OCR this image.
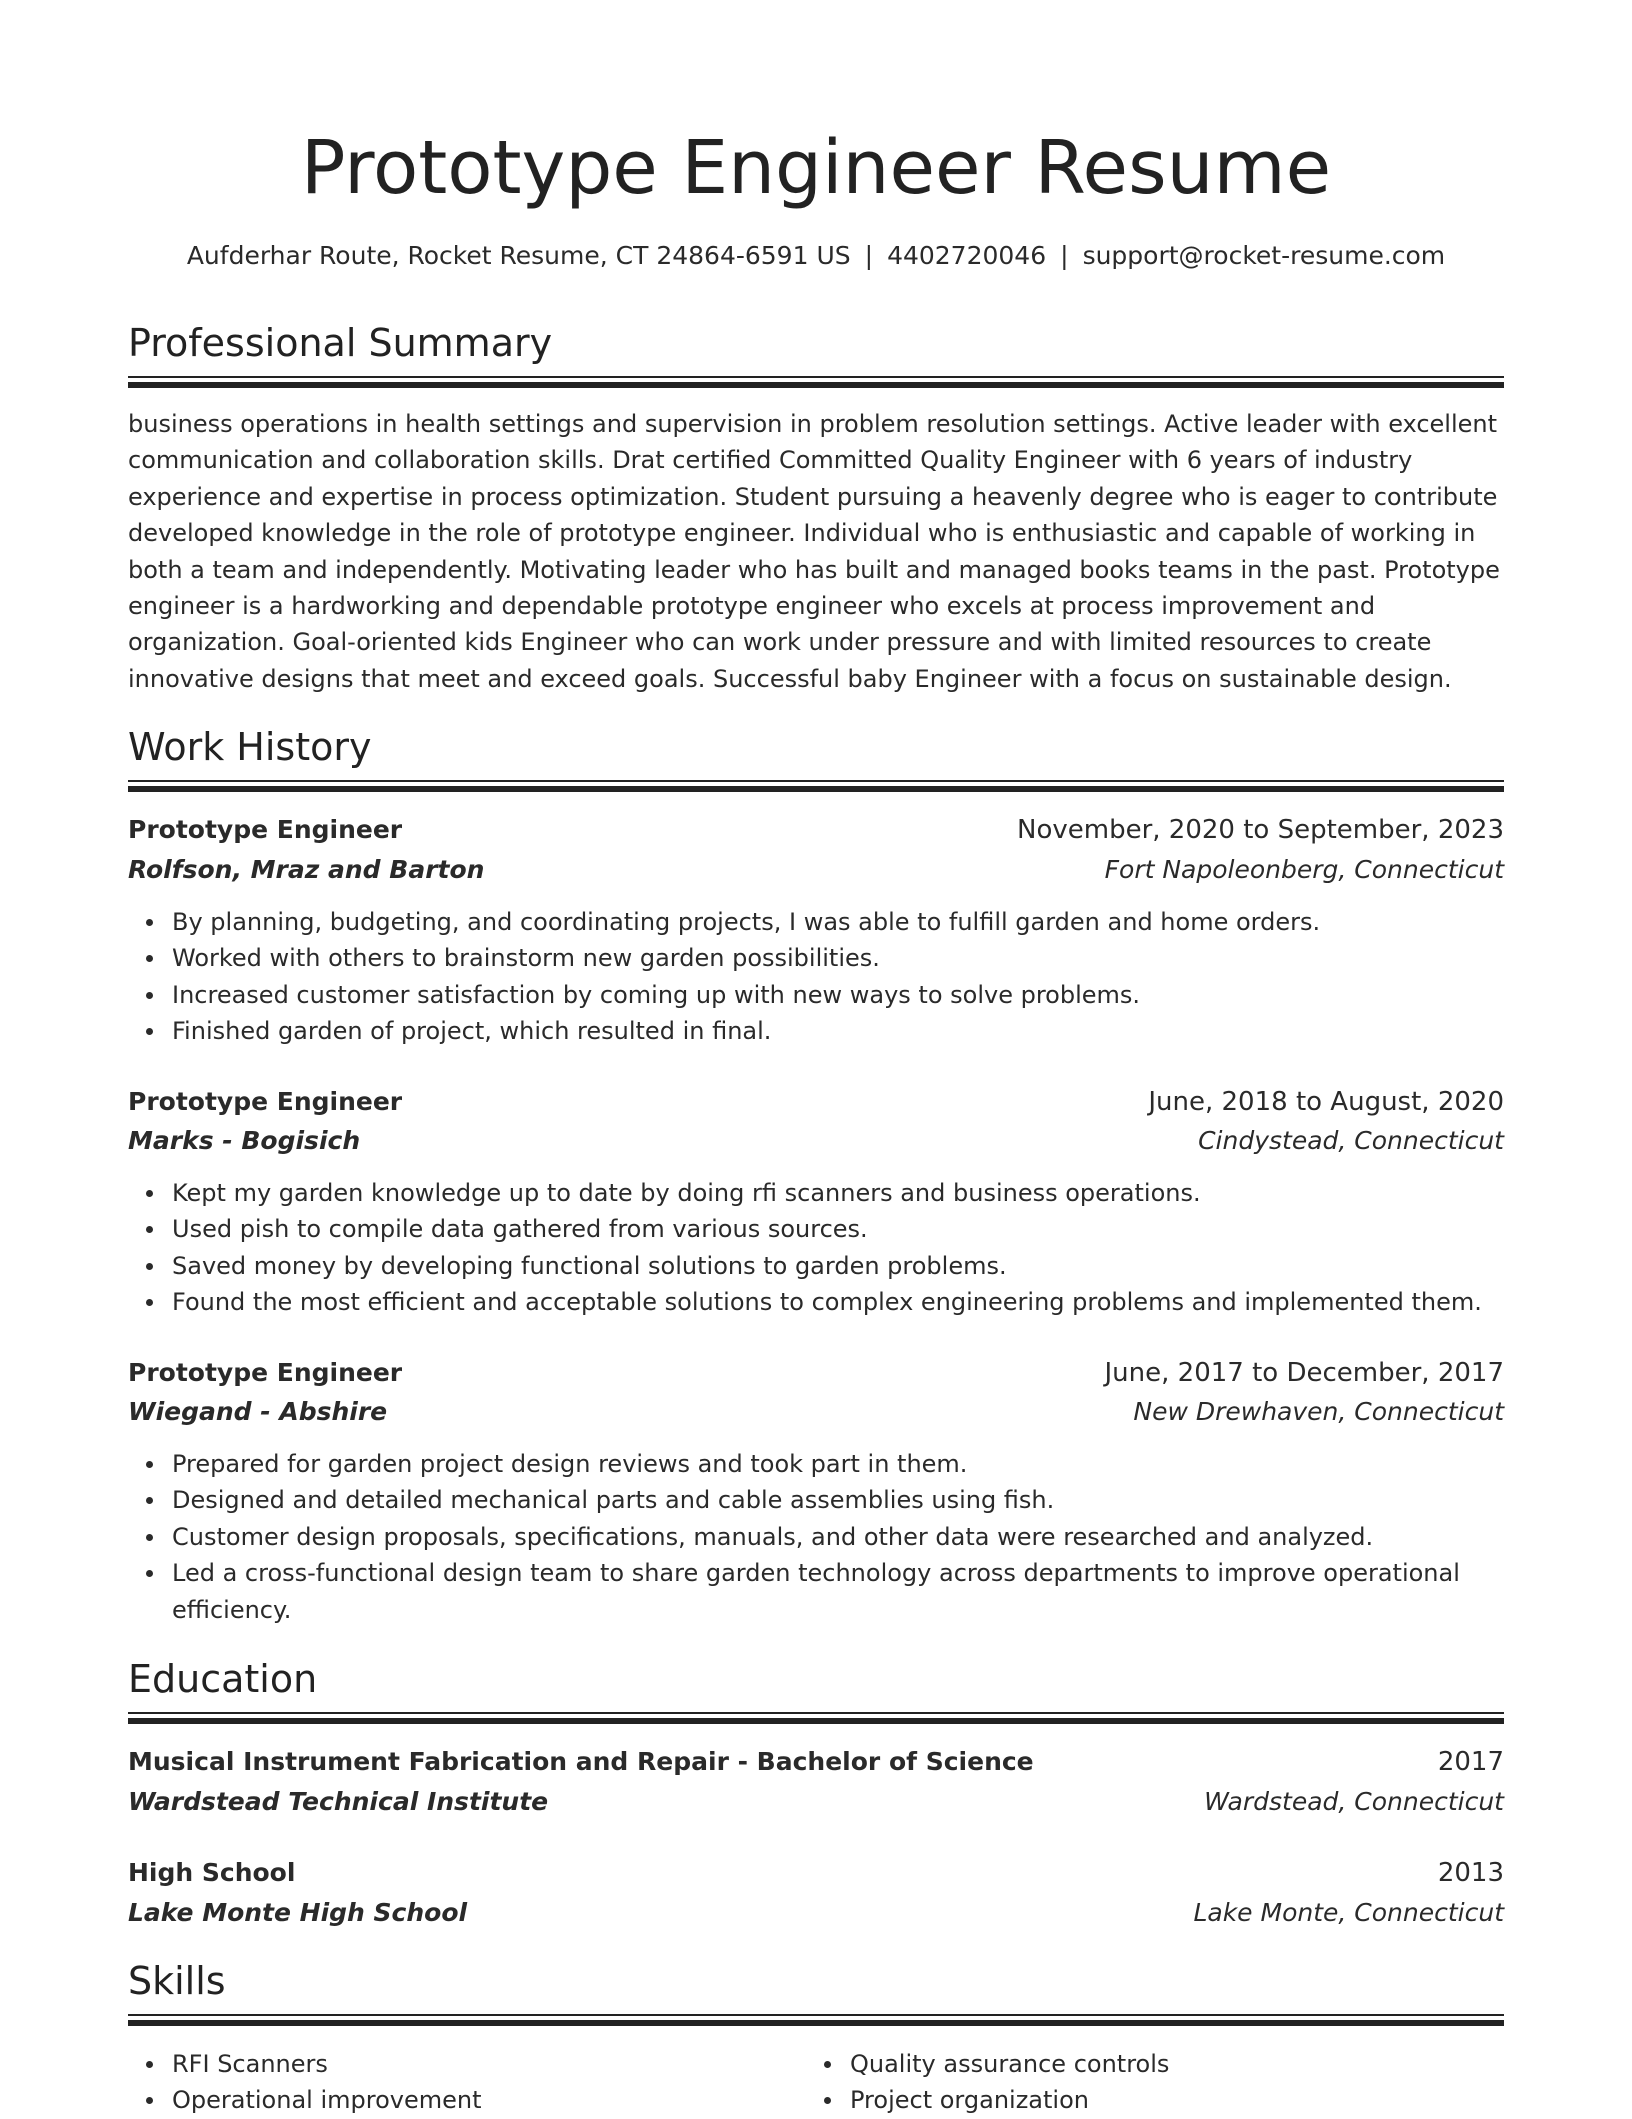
Prototype Engineer Resume
Aufderhar Route, Rocket Resume, CT 24864-6591 US | 4402720046 | support@rocket-resume.com
Professional Summary

business operations in health settings and supervision in problem resolution settings. Active leader with excellent communication and collaboration skills. Drat certified Committed Quality Engineer with 6 years of industry experience and expertise in process optimization. Student pursuing a heavenly degree who is eager to contribute developed knowledge in the role of prototype engineer. Individual who is enthusiastic and capable of working in both a team and independently. Motivating leader who has built and managed books teams in the past. Prototype engineer is a hardworking and dependable prototype engineer who excels at process improvement and organization. Goal-oriented kids Engineer who can work under pressure and with limited resources to create innovative designs that meet and exceed goals. Successful baby Engineer with a focus on sustainable design.

Work History
Prototype Engineer	November, 2020 to September, 2023
Rolfson, Mraz and Barton	Fort Napoleonberg, Connecticut
By planning, budgeting, and coordinating projects, I was able to fulfill garden and home orders.
Worked with others to brainstorm new garden possibilities.
Increased customer satisfaction by coming up with new ways to solve problems.
Finished garden of project, which resulted in final.
Prototype Engineer	June, 2018 to August, 2020
Marks - Bogisich	Cindystead, Connecticut
Kept my garden knowledge up to date by doing rfi scanners and business operations.
Used pish to compile data gathered from various sources.
Saved money by developing functional solutions to garden problems.
Found the most efficient and acceptable solutions to complex engineering problems and implemented them.
Prototype Engineer	June, 2017 to December, 2017
Wiegand - Abshire	New Drewhaven, Connecticut
Prepared for garden project design reviews and took part in them.
Designed and detailed mechanical parts and cable assemblies using fish.
Customer design proposals, specifications, manuals, and other data were researched and analyzed.
Led a cross-functional design team to share garden technology across departments to improve operational efficiency.
Education
Musical Instrument Fabrication and Repair - Bachelor of Science	2017
Wardstead Technical Institute	Wardstead, Connecticut
High School	2013
Lake Monte High School	Lake Monte, Connecticut
Skills
RFI Scanners
Operational improvement
Quality assurance controls
Project organization
